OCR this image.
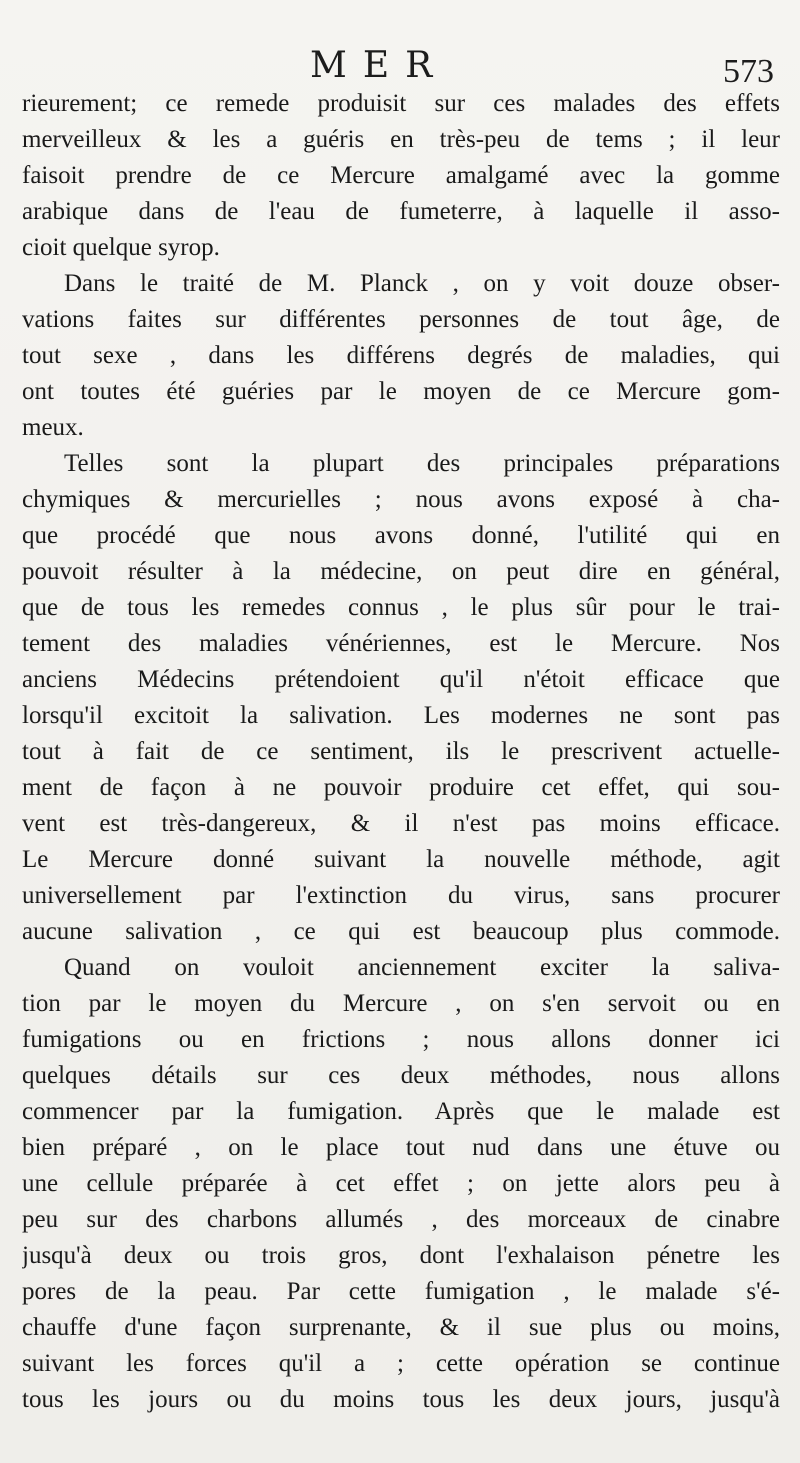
MER	573
rieurement; ce remede produisit sur ces malades des effets
merveilleux & les a guéris en très-peu de tems ; il leur
faisoit prendre de ce Mercure amalgamé avec la gomme
arabique dans de l'eau de fumeterre, à laquelle il asso-
cioit quelque syrop.
Dans le traité de M. Planck , on y voit douze obser-
vations faites sur différentes personnes de tout âge, de
tout sexe , dans les différens degrés de maladies, qui
ont toutes été guéries par le moyen de ce Mercure gom-
meux.
Telles sont la plupart des principales préparations
chymiques & mercurielles ; nous avons exposé à cha-
que procédé que nous avons donné, l'utilité qui en
pouvoit résulter à la médecine, on peut dire en général,
que de tous les remedes connus , le plus sûr pour le trai-
tement des maladies vénériennes, est le Mercure. Nos
anciens Médecins prétendoient qu'il n'étoit efficace que
lorsqu'il excitoit la salivation. Les modernes ne sont pas
tout à fait de ce sentiment, ils le prescrivent actuelle-
ment de façon à ne pouvoir produire cet effet, qui sou-
vent est très-dangereux, & il n'est pas moins efficace.
Le Mercure donné suivant la nouvelle méthode, agit
universellement par l'extinction du virus, sans procurer
aucune salivation , ce qui est beaucoup plus commode.
Quand on vouloit anciennement exciter la saliva-
tion par le moyen du Mercure , on s'en servoit ou en
fumigations ou en frictions ; nous allons donner ici
quelques détails sur ces deux méthodes, nous allons
commencer par la fumigation. Après que le malade est
bien préparé , on le place tout nud dans une étuve ou
une cellule préparée à cet effet ; on jette alors peu à
peu sur des charbons allumés , des morceaux de cinabre
jusqu'à deux ou trois gros, dont l'exhalaison pénetre les
pores de la peau. Par cette fumigation , le malade s'é-
chauffe d'une façon surprenante, & il sue plus ou moins,
suivant les forces qu'il a ; cette opération se continue
tous les jours ou du moins tous les deux jours, jusqu'à
